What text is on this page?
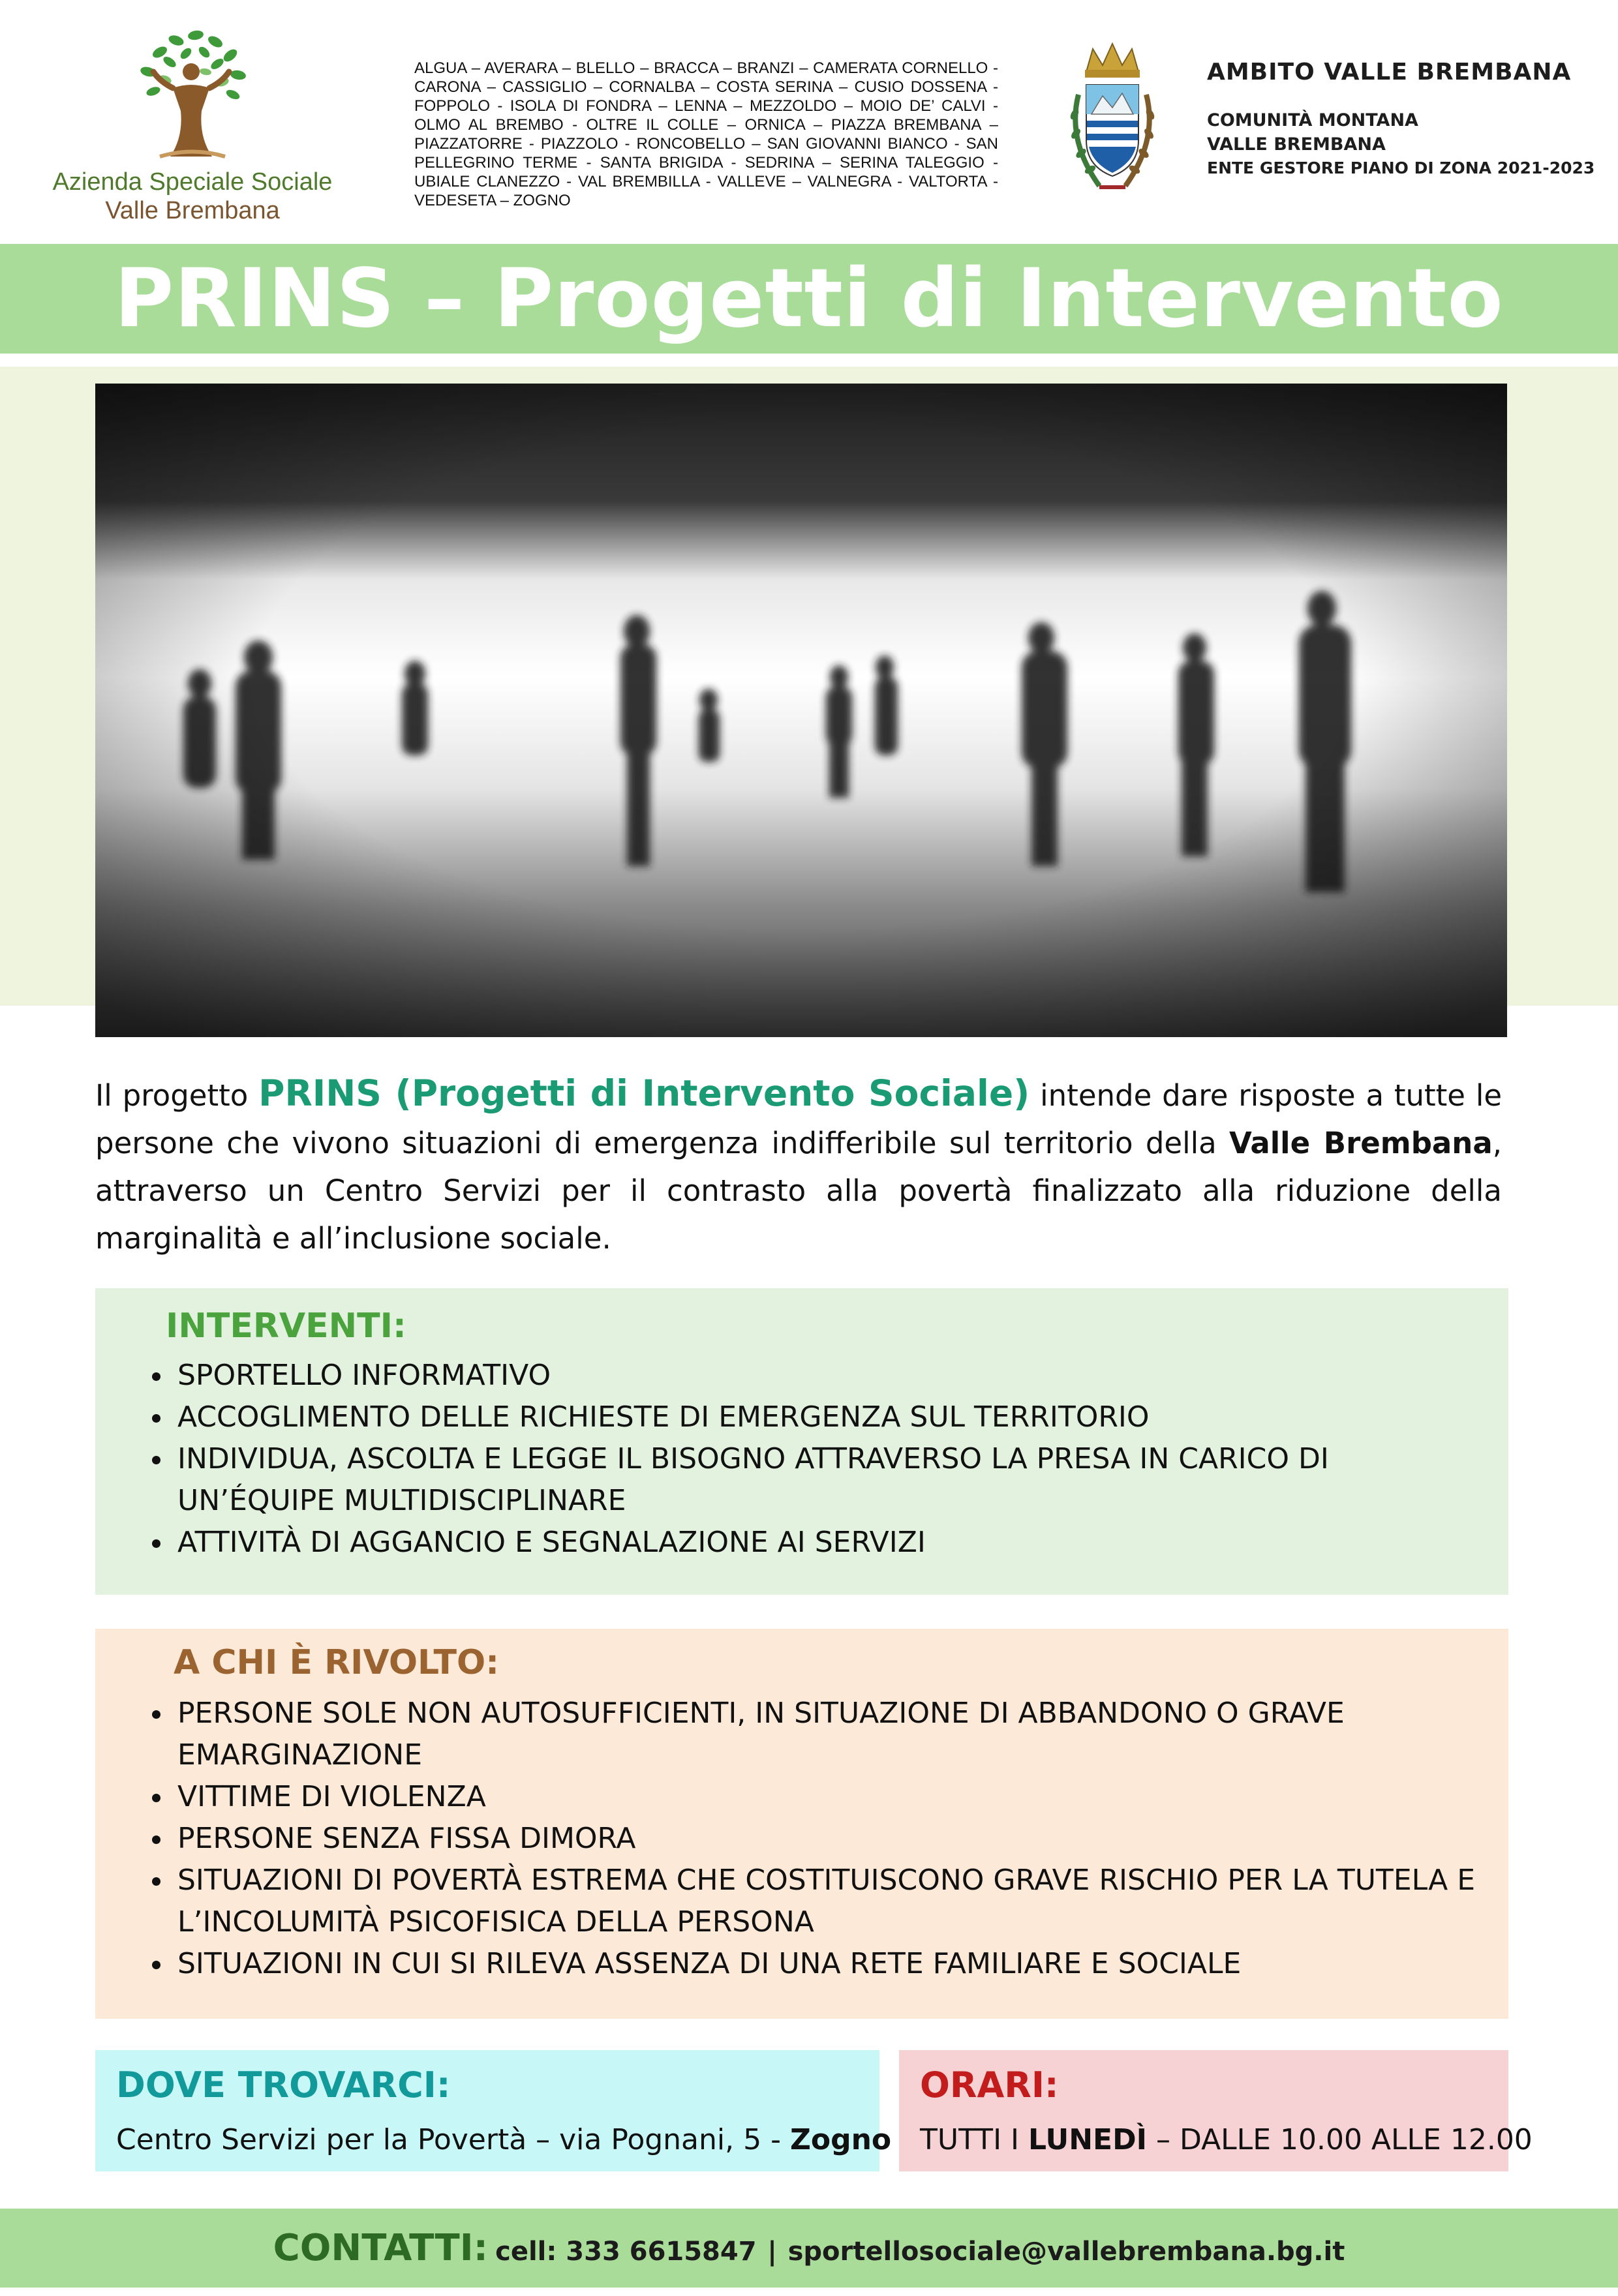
Azienda Speciale Sociale
Valle Brembana
ALGUA – AVERARA – BLELLO – BRACCA – BRANZI – CAMERATA CORNELLO - CARONA – CASSIGLIO – CORNALBA – COSTA SERINA – CUSIO DOSSENA - FOPPOLO - ISOLA DI FONDRA – LENNA – MEZZOLDO – MOIO DE’ CALVI - OLMO AL BREMBO - OLTRE IL COLLE – ORNICA – PIAZZA BREMBANA – PIAZZATORRE - PIAZZOLO - RONCOBELLO – SAN GIOVANNI BIANCO - SAN PELLEGRINO TERME - SANTA BRIGIDA - SEDRINA – SERINA TALEGGIO - UBIALE CLANEZZO - VAL BREMBILLA - VALLEVE – VALNEGRA - VALTORTA - VEDESETA – ZOGNO
AMBITO VALLE BREMBANA
COMUNITÀ MONTANA
VALLE BREMBANA
ENTE GESTORE PIANO DI ZONA 2021-2023
PRINS – Progetti di Intervento
Il progetto PRINS (Progetti di Intervento Sociale) intende dare risposte a tutte le persone che vivono situazioni di emergenza indifferibile sul territorio della Valle Brembana, attraverso un Centro Servizi per il contrasto alla povertà finalizzato alla riduzione della marginalità e all’inclusione sociale.
INTERVENTI:
• SPORTELLO INFORMATIVO
• ACCOGLIMENTO DELLE RICHIESTE DI EMERGENZA SUL TERRITORIO
• INDIVIDUA, ASCOLTA E LEGGE IL BISOGNO ATTRAVERSO LA PRESA IN CARICO DI UN’ÉQUIPE MULTIDISCIPLINARE
• ATTIVITÀ DI AGGANCIO E SEGNALAZIONE AI SERVIZI
A CHI È RIVOLTO:
• PERSONE SOLE NON AUTOSUFFICIENTI, IN SITUAZIONE DI ABBANDONO O GRAVE EMARGINAZIONE
• VITTIME DI VIOLENZA
• PERSONE SENZA FISSA DIMORA
• SITUAZIONI DI POVERTÀ ESTREMA CHE COSTITUISCONO GRAVE RISCHIO PER LA TUTELA E L’INCOLUMITÀ PSICOFISICA DELLA PERSONA
• SITUAZIONI IN CUI SI RILEVA ASSENZA DI UNA RETE FAMILIARE E SOCIALE
DOVE TROVARCI:
Centro Servizi per la Povertà – via Pognani, 5 - Zogno
ORARI:
TUTTI I LUNEDÌ – DALLE 10.00 ALLE 12.00
CONTATTI: cell: 333 6615847 | sportellosociale@vallebrembana.bg.it
